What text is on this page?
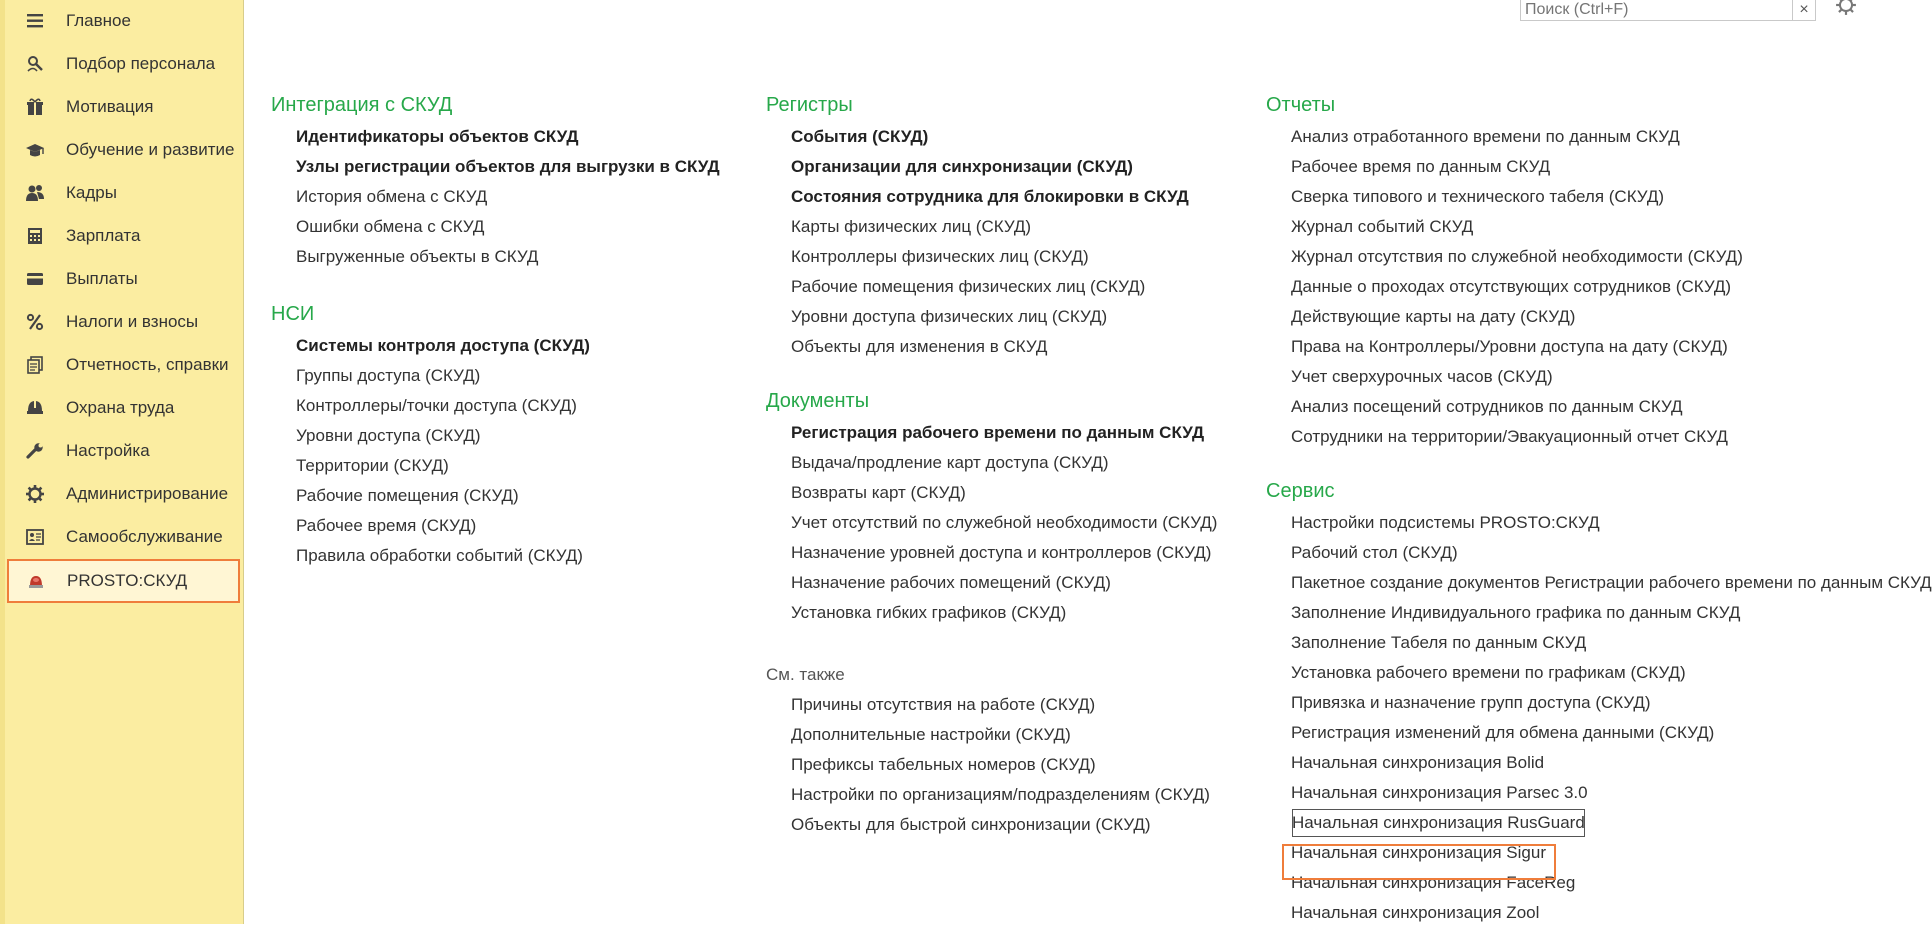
Главное
Подбор персонала
Мотивация
Обучение и развитие
Кадры
Зарплата
Выплаты
Налоги и взносы
Отчетность, справки
Охрана труда
Настройка
Администрирование
Самообслуживание
PROSTO:СКУД
Поиск (Ctrl+F)
×
Интеграция с СКУД
Идентификаторы объектов СКУД
Узлы регистрации объектов для выгрузки в СКУД
История обмена с СКУД
Ошибки обмена с СКУД
Выгруженные объекты в СКУД
НСИ
Системы контроля доступа (СКУД)
Группы доступа (СКУД)
Контроллеры/точки доступа (СКУД)
Уровни доступа (СКУД)
Территории (СКУД)
Рабочие помещения (СКУД)
Рабочее время (СКУД)
Правила обработки событий (СКУД)
Регистры
События (СКУД)
Организации для синхронизации (СКУД)
Состояния сотрудника для блокировки в СКУД
Карты физических лиц (СКУД)
Контроллеры физических лиц (СКУД)
Рабочие помещения физических лиц (СКУД)
Уровни доступа физических лиц (СКУД)
Объекты для изменения в СКУД
Документы
Регистрация рабочего времени по данным СКУД
Выдача/продление карт доступа (СКУД)
Возвраты карт (СКУД)
Учет отсутствий по служебной необходимости (СКУД)
Назначение уровней доступа и контроллеров (СКУД)
Назначение рабочих помещений (СКУД)
Установка гибких графиков (СКУД)
См. также
Причины отсутствия на работе (СКУД)
Дополнительные настройки (СКУД)
Префиксы табельных номеров (СКУД)
Настройки по организациям/подразделениям (СКУД)
Объекты для быстрой синхронизации (СКУД)
Отчеты
Анализ отработанного времени по данным СКУД
Рабочее время по данным СКУД
Сверка типового и технического табеля (СКУД)
Журнал событий СКУД
Журнал отсутствия по служебной необходимости (СКУД)
Данные о проходах отсутствующих сотрудников (СКУД)
Действующие карты на дату (СКУД)
Права на Контроллеры/Уровни доступа на дату (СКУД)
Учет сверхурочных часов (СКУД)
Анализ посещений сотрудников по данным СКУД
Сотрудники на территории/Эвакуационный отчет СКУД
Сервис
Настройки подсистемы PROSTO:СКУД
Рабочий стол (СКУД)
Пакетное создание документов Регистрации рабочего времени по данным СКУД
Заполнение Индивидуального графика по данным СКУД
Заполнение Табеля по данным СКУД
Установка рабочего времени по графикам (СКУД)
Привязка и назначение групп доступа (СКУД)
Регистрация изменений для обмена данными (СКУД)
Начальная синхронизация Bolid
Начальная синхронизация Parsec 3.0
Начальная синхронизация RusGuard
Начальная синхронизация Sigur
Начальная синхронизация FaceReg
Начальная синхронизация Zool
